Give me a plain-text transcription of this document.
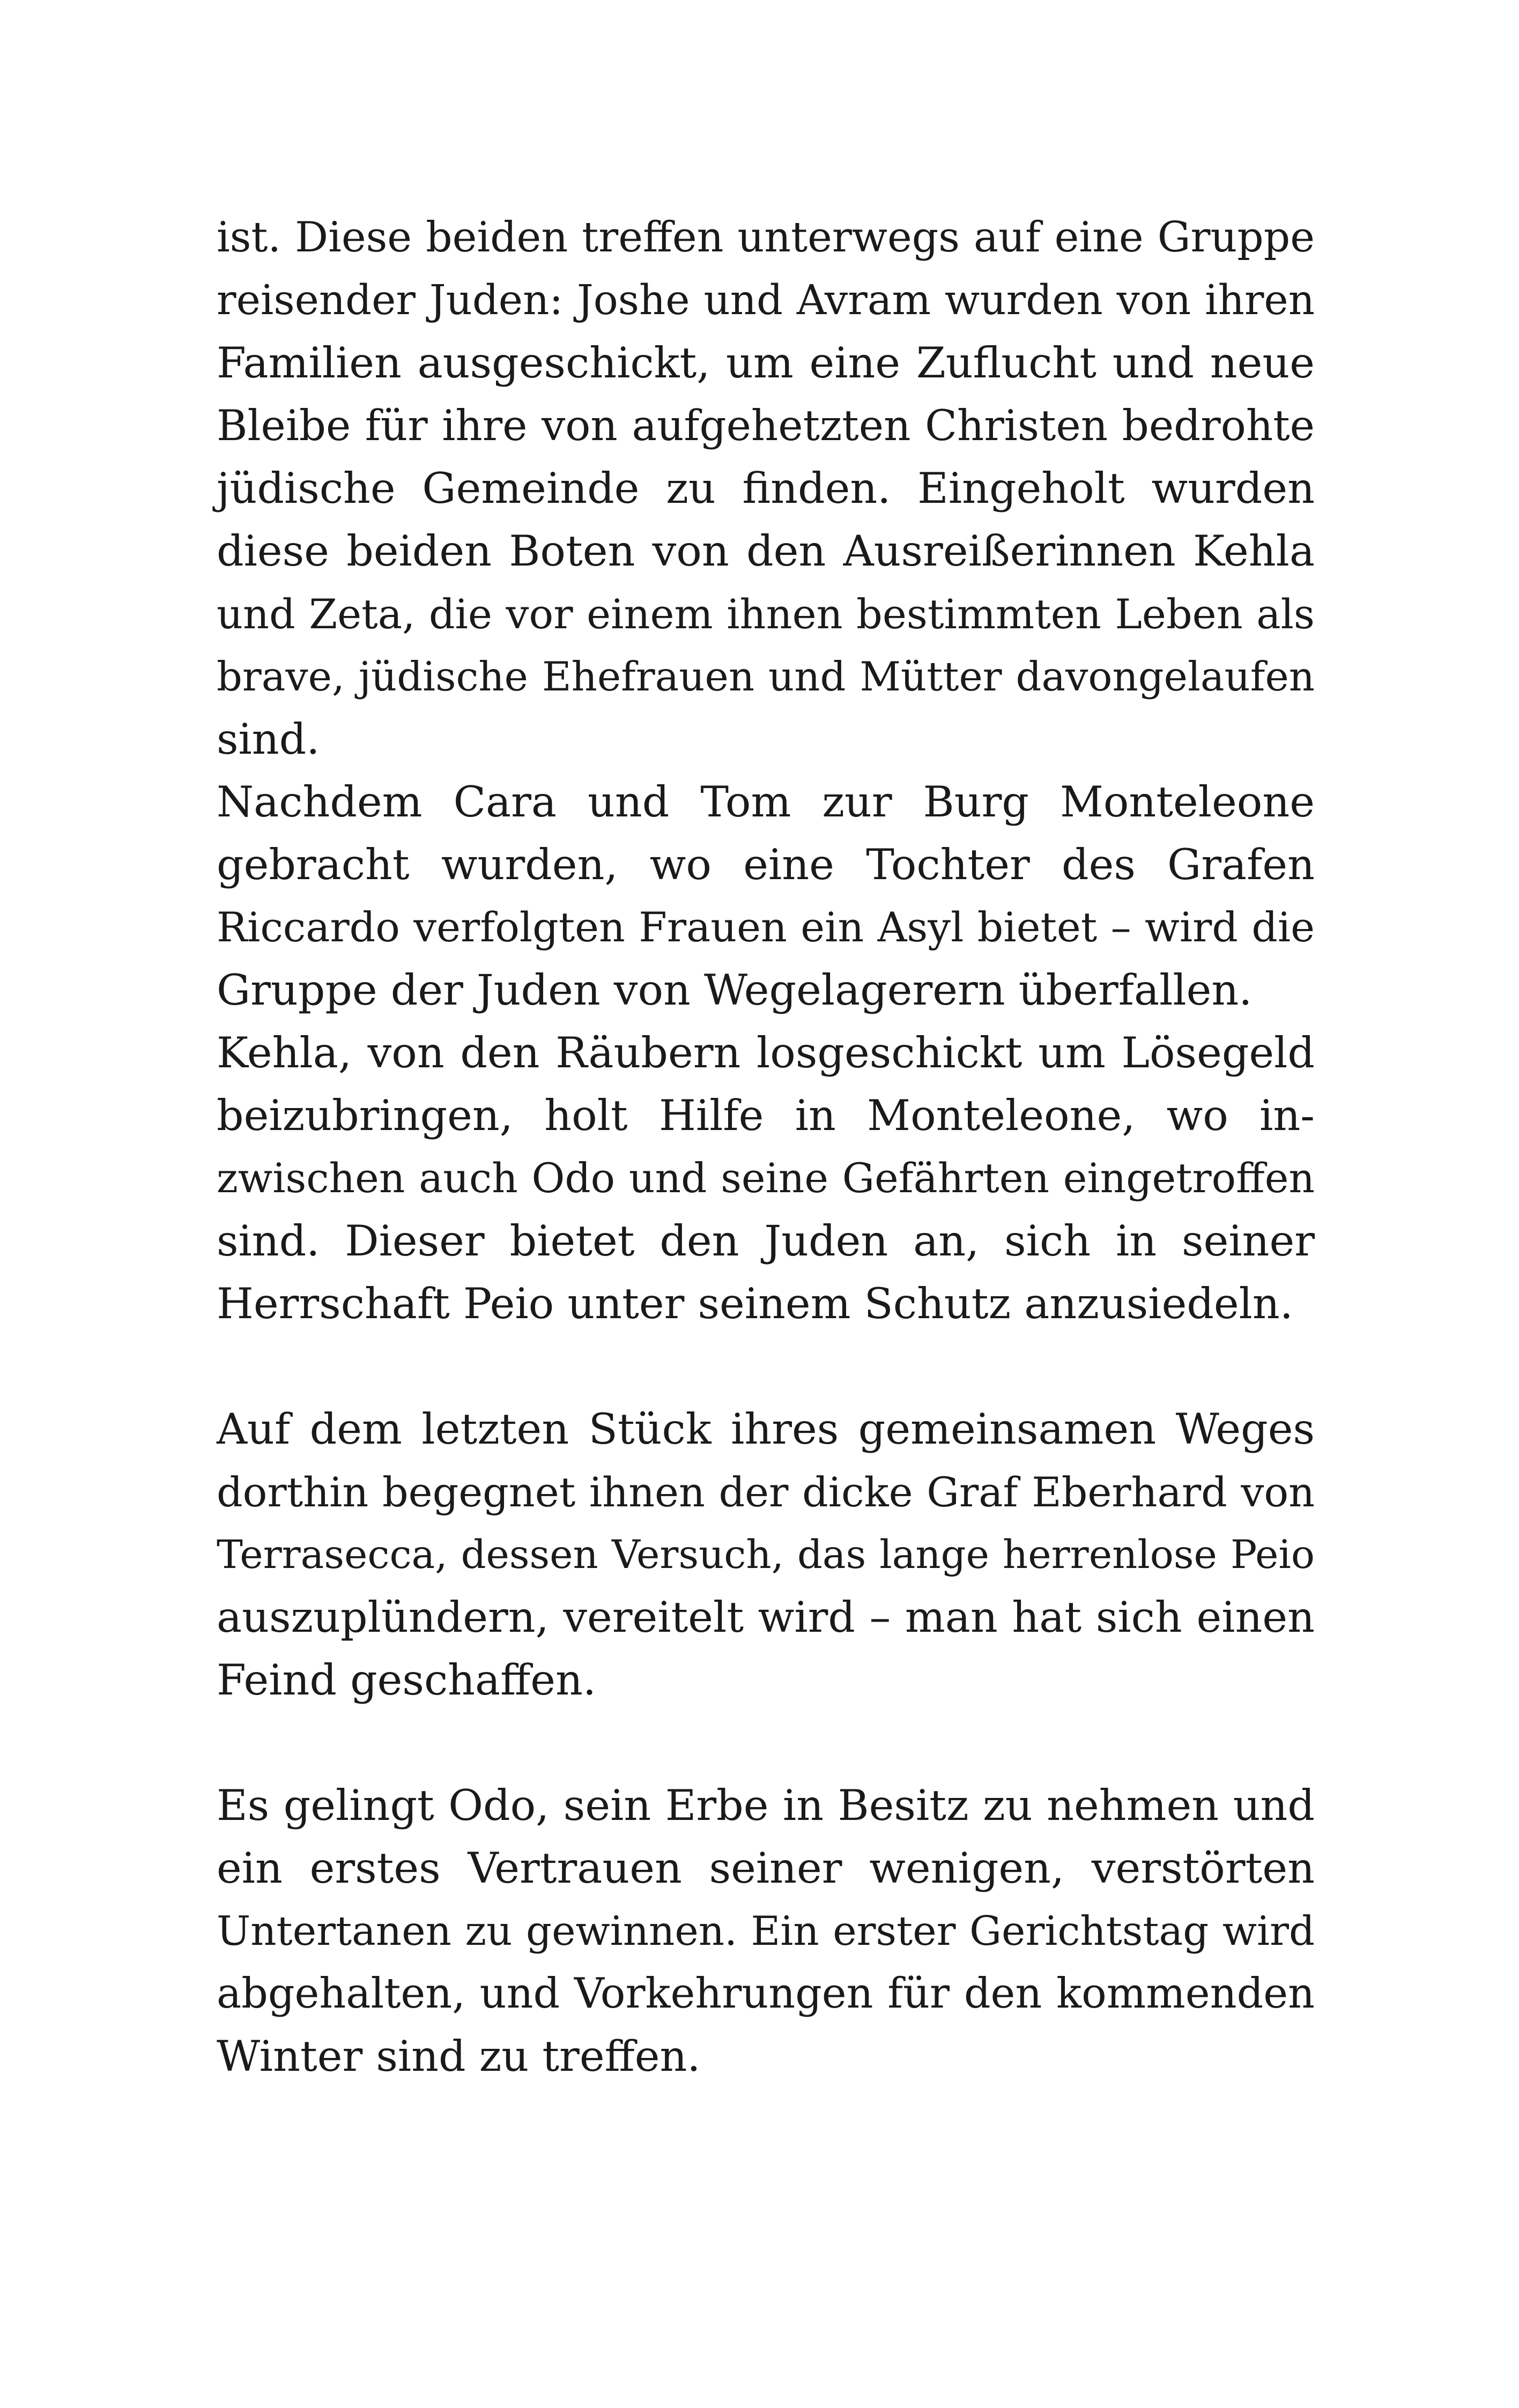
ist. Diese beiden treffen unterwegs auf eine Gruppe
reisender Juden: Joshe und Avram wurden von ihren
Familien ausgeschickt, um eine Zuflucht und neue
Bleibe für ihre von aufgehetzten Christen bedrohte
jüdische Gemeinde zu finden. Eingeholt wurden
diese beiden Boten von den Ausreißerinnen Kehla
und Zeta, die vor einem ihnen bestimmten Leben als
brave, jüdische Ehefrauen und Mütter davongelaufen
sind.
Nachdem Cara und Tom zur Burg Monteleone
gebracht wurden, wo eine Tochter des Grafen
Riccardo verfolgten Frauen ein Asyl bietet – wird die
Gruppe der Juden von Wegelagerern überfallen.
Kehla, von den Räubern losgeschickt um Lösegeld
beizubringen, holt Hilfe in Monteleone, wo in-
zwischen auch Odo und seine Gefährten eingetroffen
sind. Dieser bietet den Juden an, sich in seiner
Herrschaft Peio unter seinem Schutz anzusiedeln.
Auf dem letzten Stück ihres gemeinsamen Weges
dorthin begegnet ihnen der dicke Graf Eberhard von
Terrasecca, dessen Versuch, das lange herrenlose Peio
auszuplündern, vereitelt wird – man hat sich einen
Feind geschaffen.
Es gelingt Odo, sein Erbe in Besitz zu nehmen und
ein erstes Vertrauen seiner wenigen, verstörten
Untertanen zu gewinnen. Ein erster Gerichtstag wird
abgehalten, und Vorkehrungen für den kommenden
Winter sind zu treffen.
